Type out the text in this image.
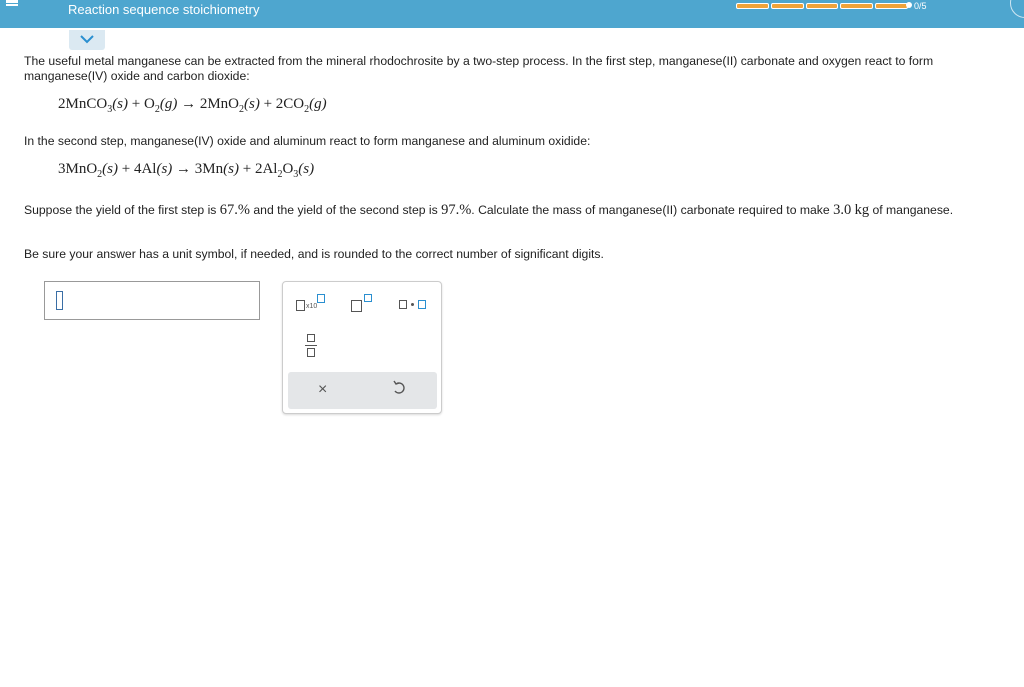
Reaction sequence stoichiometry	0/5
The useful metal manganese can be extracted from the mineral rhodochrosite by a two-step process. In the first step, manganese(II) carbonate and oxygen react to form manganese(IV) oxide and carbon dioxide:
2MnCO$_3$(s) + $O_2(g) \to 2MnO_2(s) + 2CO_2(g)$
In the second step, manganese(IV) oxide and aluminum react to form manganese and aluminum oxidide:
$3MnO_2(s) + 4Al(s) \to 3Mn(s) + 2Al_2O_3(s)$
Suppose the yield of the first step is 67.% and the yield of the second step is 97.%. Calculate the mass of manganese(II) carbonate required to make 3.0 kg of manganese.
Be sure your answer has a unit symbol, if needed, and is rounded to the correct number of significant digits.
x10
×
